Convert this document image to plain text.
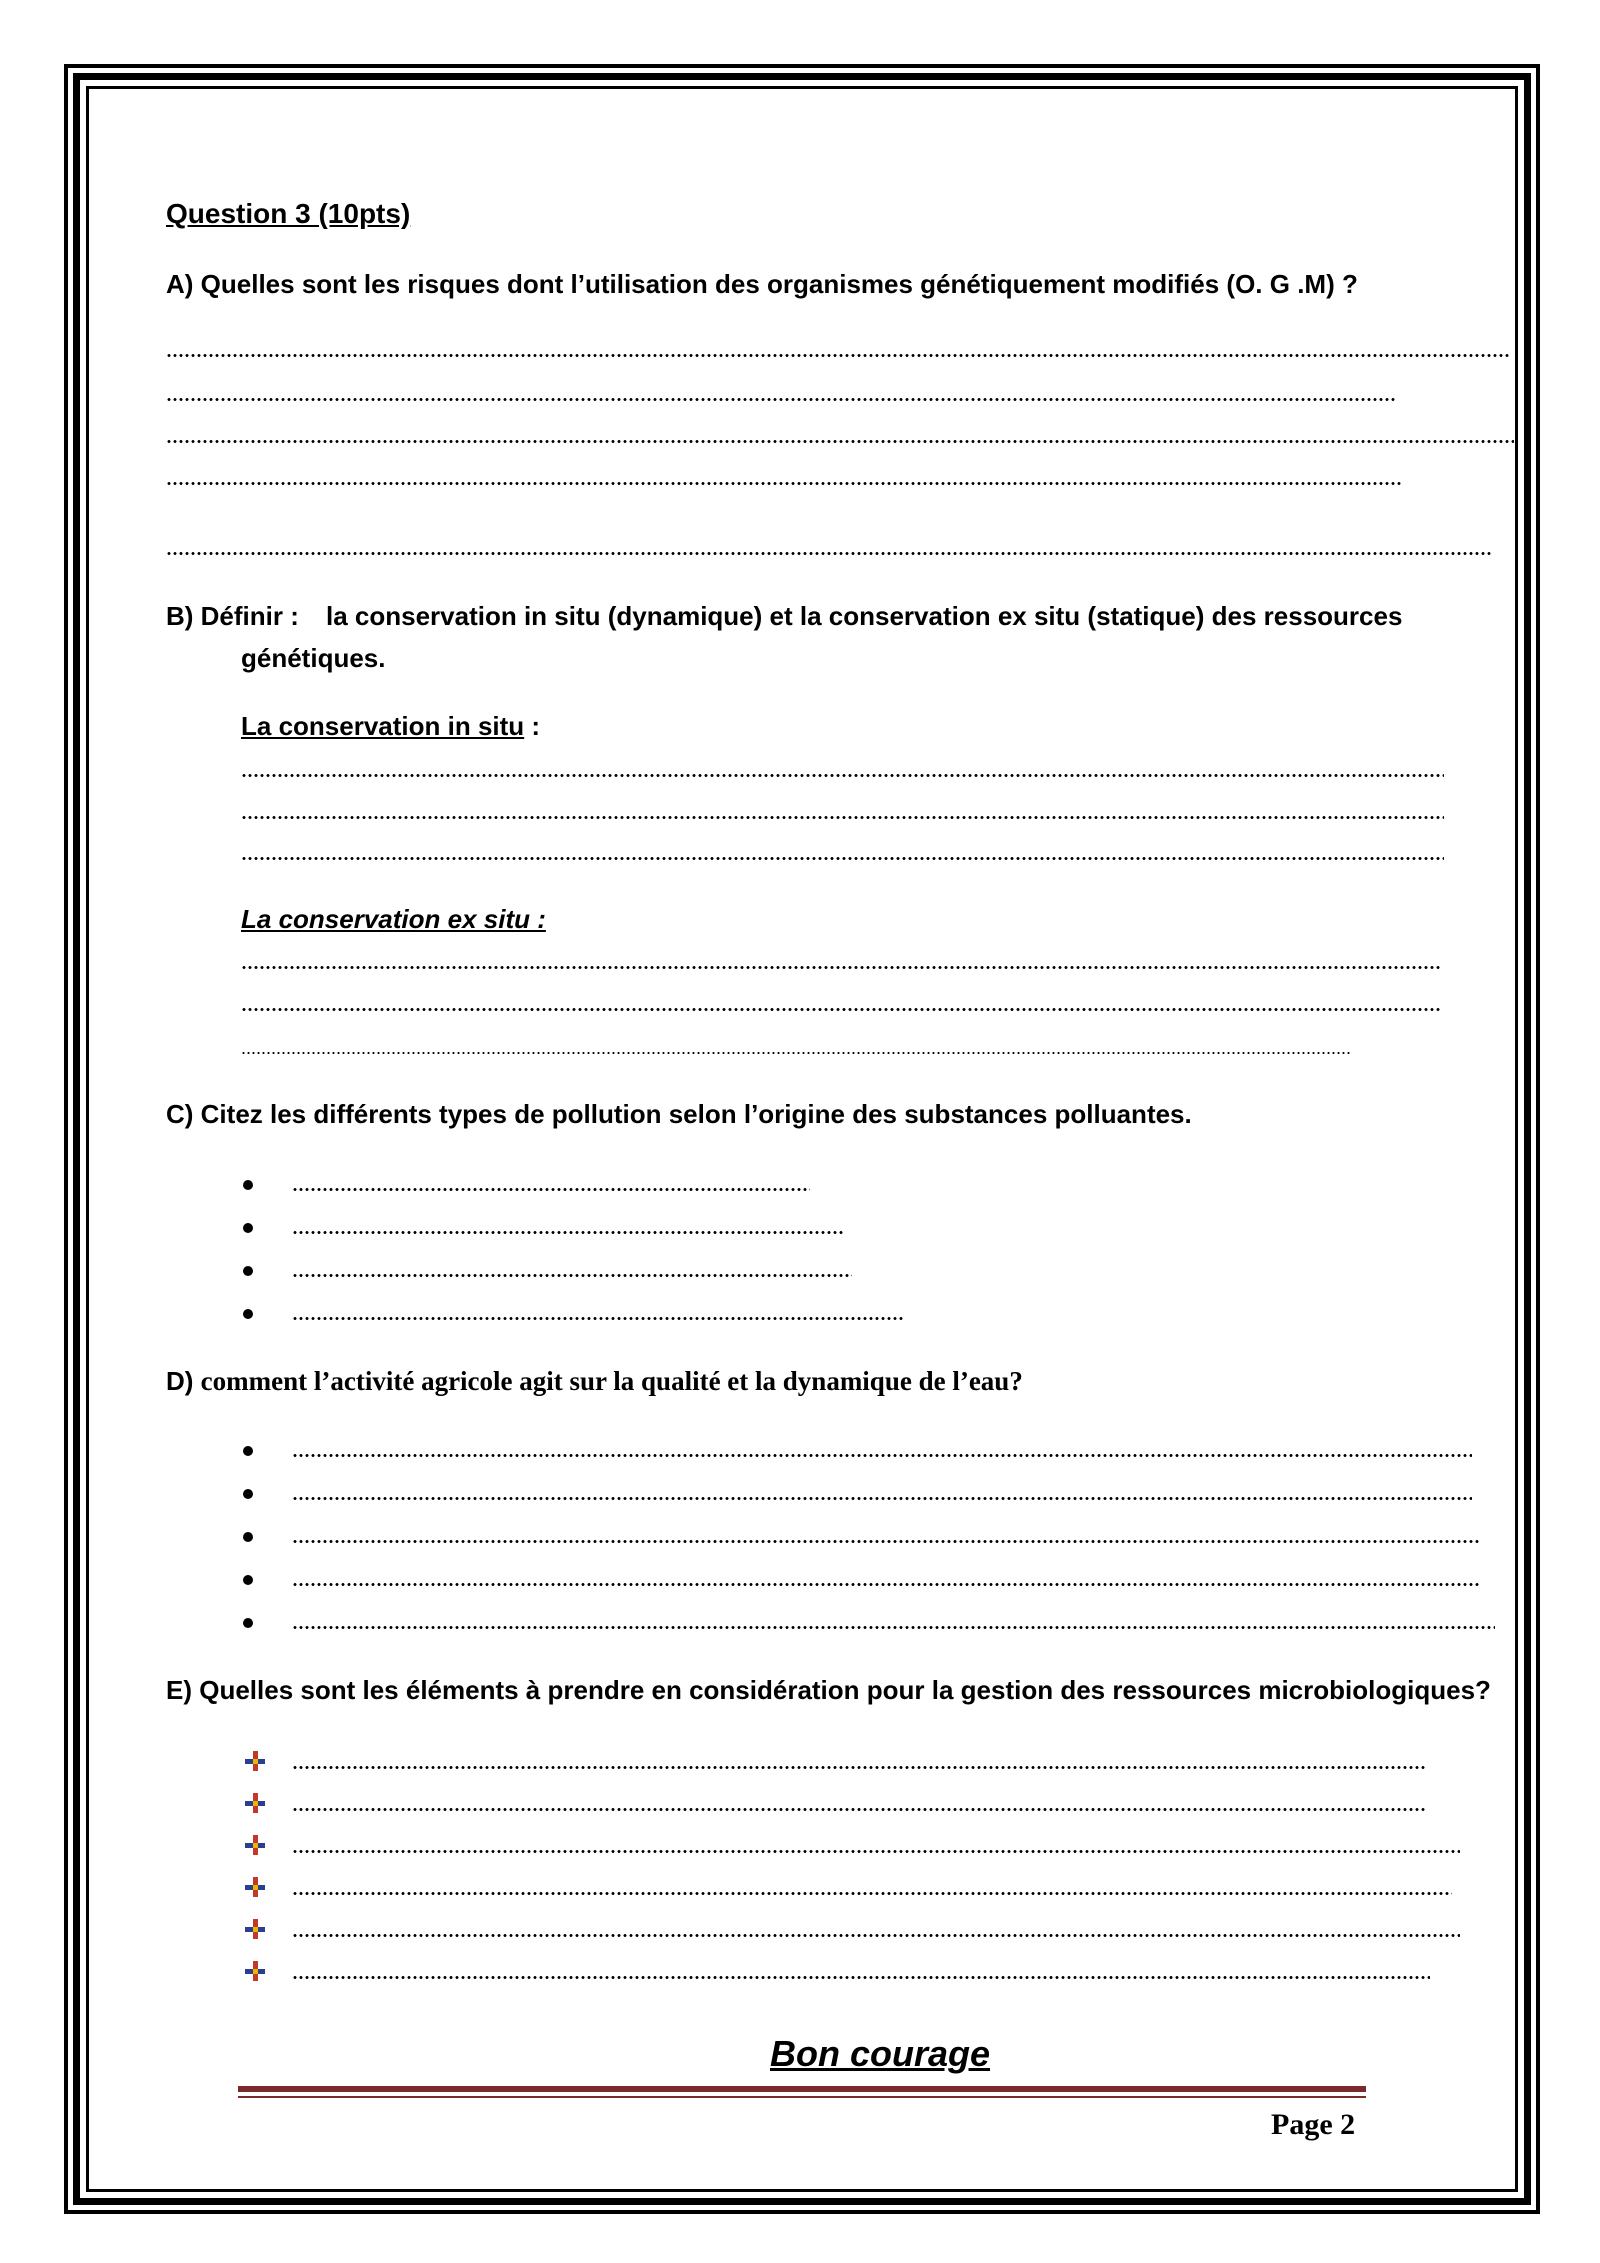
Question 3 (10pts)
A) Quelles sont les risques dont l’utilisation des organismes génétiquement modifiés (O. G .M) ?
B) Définir : la conservation in situ (dynamique) et la conservation ex situ (statique) des ressources
génétiques.
La conservation in situ :
La conservation ex situ :
C) Citez les différents types de pollution selon l’origine des substances polluantes.
D) comment l’activité agricole agit sur la qualité et la dynamique de l’eau?
E) Quelles sont les éléments à prendre en considération pour la gestion des ressources microbiologiques?
Bon courage
Page 2
